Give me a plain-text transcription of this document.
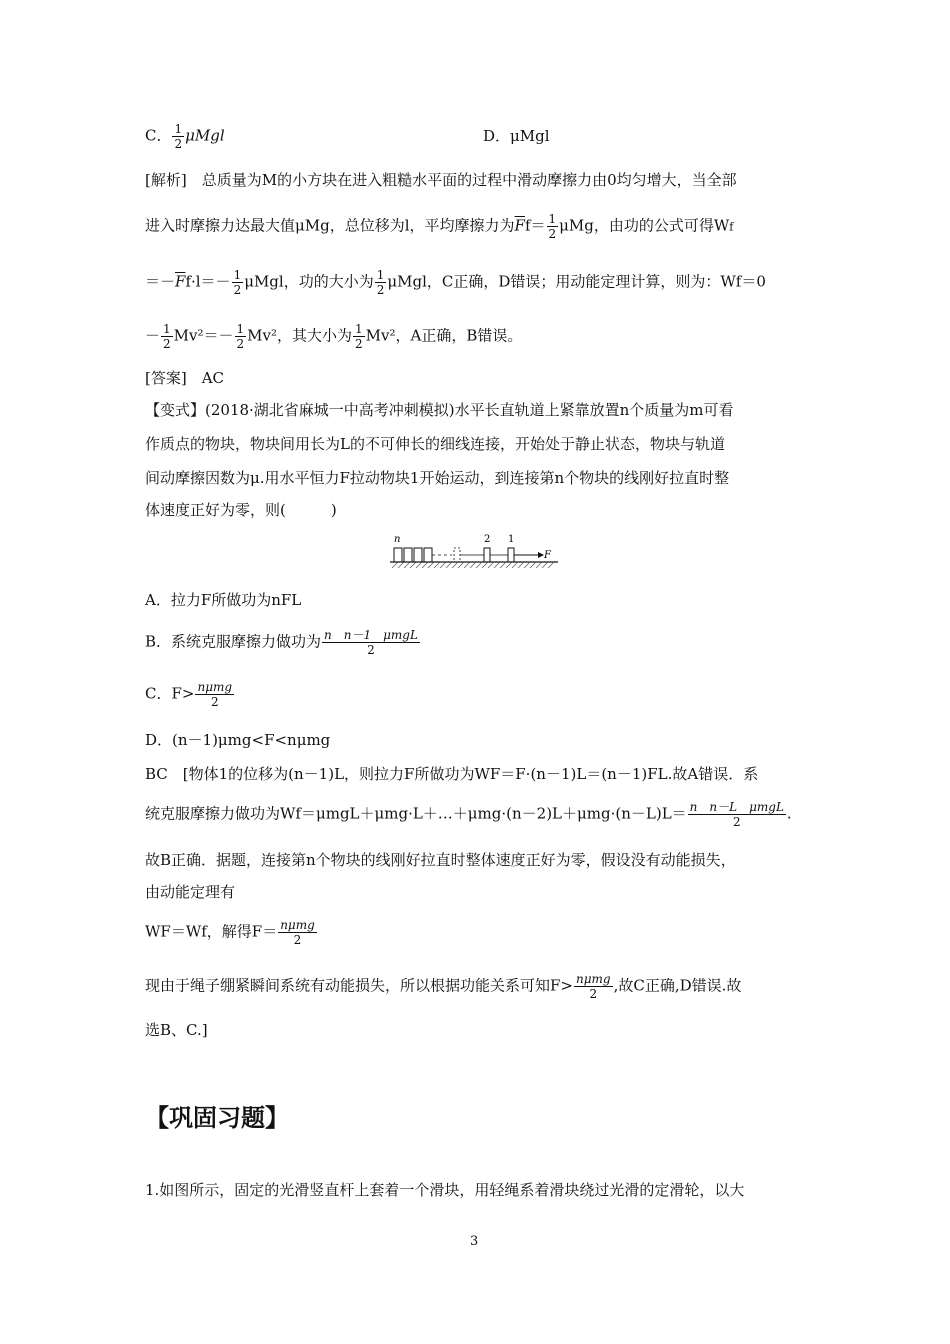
C． $\frac{1}{2}$ μMgl	D．μMgl
[解析]　总质量为M的小方块在进入粗糙水平面的过程中滑动摩擦力由0均匀增大，当全部
进入时摩擦力达最大值μMg，总位移为l，平均摩擦力为$\overline{F}f= \frac{1}{2}$ μMg，由功的公式可得Wf
$=-\overline{F}f\cdot l=- \frac{1}{2}$ μMgl，功的大小为 $\frac{1}{2}$ μMgl，C正确，D错误；用动能定理计算，则为：Wf＝0
－ $\frac{1}{2} Mv^2=- \frac{1}{2} Mv^2$，其大小为 $\frac{1}{2} Mv^2$，A正确，B错误。
[答案]　AC
【变式】(2018·湖北省麻城一中高考冲刺模拟)水平长直轨道上紧靠放置n个质量为m可看
作质点的物块，物块间用长为L的不可伸长的细线连接，开始处于静止状态，物块与轨道
间动摩擦因数为μ.用水平恒力F拉动物块1开始运动，到连接第n个物块的线刚好拉直时整
体速度正好为零，则(　　　)
n	2 1
F
A．拉力F所做功为nFL
B．系统克服摩擦力做功为 $\frac{\text{n　n－1　μmgL}}{2}$
C．$F> \frac{\text{nμmg}}{2}$
D．(n－1)μmg<F<nμmg
BC　[物体1的位移为(n－1)L，则拉力F所做功为WF＝F·(n－1)L＝(n－1)FL.故A错误．系
统克服摩擦力做功为Wf＝μmgL＋μmg·L＋…＋μmg·(n－2)L＋μmg·(n－L)L＝ $\frac{\text{n　n－L　μmgL}}{2}$ .
故B正确．据题，连接第n个物块的线刚好拉直时整体速度正好为零，假设没有动能损失，
由动能定理有
WF＝Wf，解得$F= \frac{\text{nμmg}}{2}$
现由于绳子绷紧瞬间系统有动能损失，所以根据功能关系可知$F> \frac{\text{nμmg}}{2}$ ,故C正确,D错误.故
选B、C.]
【巩固习题】
1.如图所示，固定的光滑竖直杆上套着一个滑块，用轻绳系着滑块绕过光滑的定滑轮，以大
3
